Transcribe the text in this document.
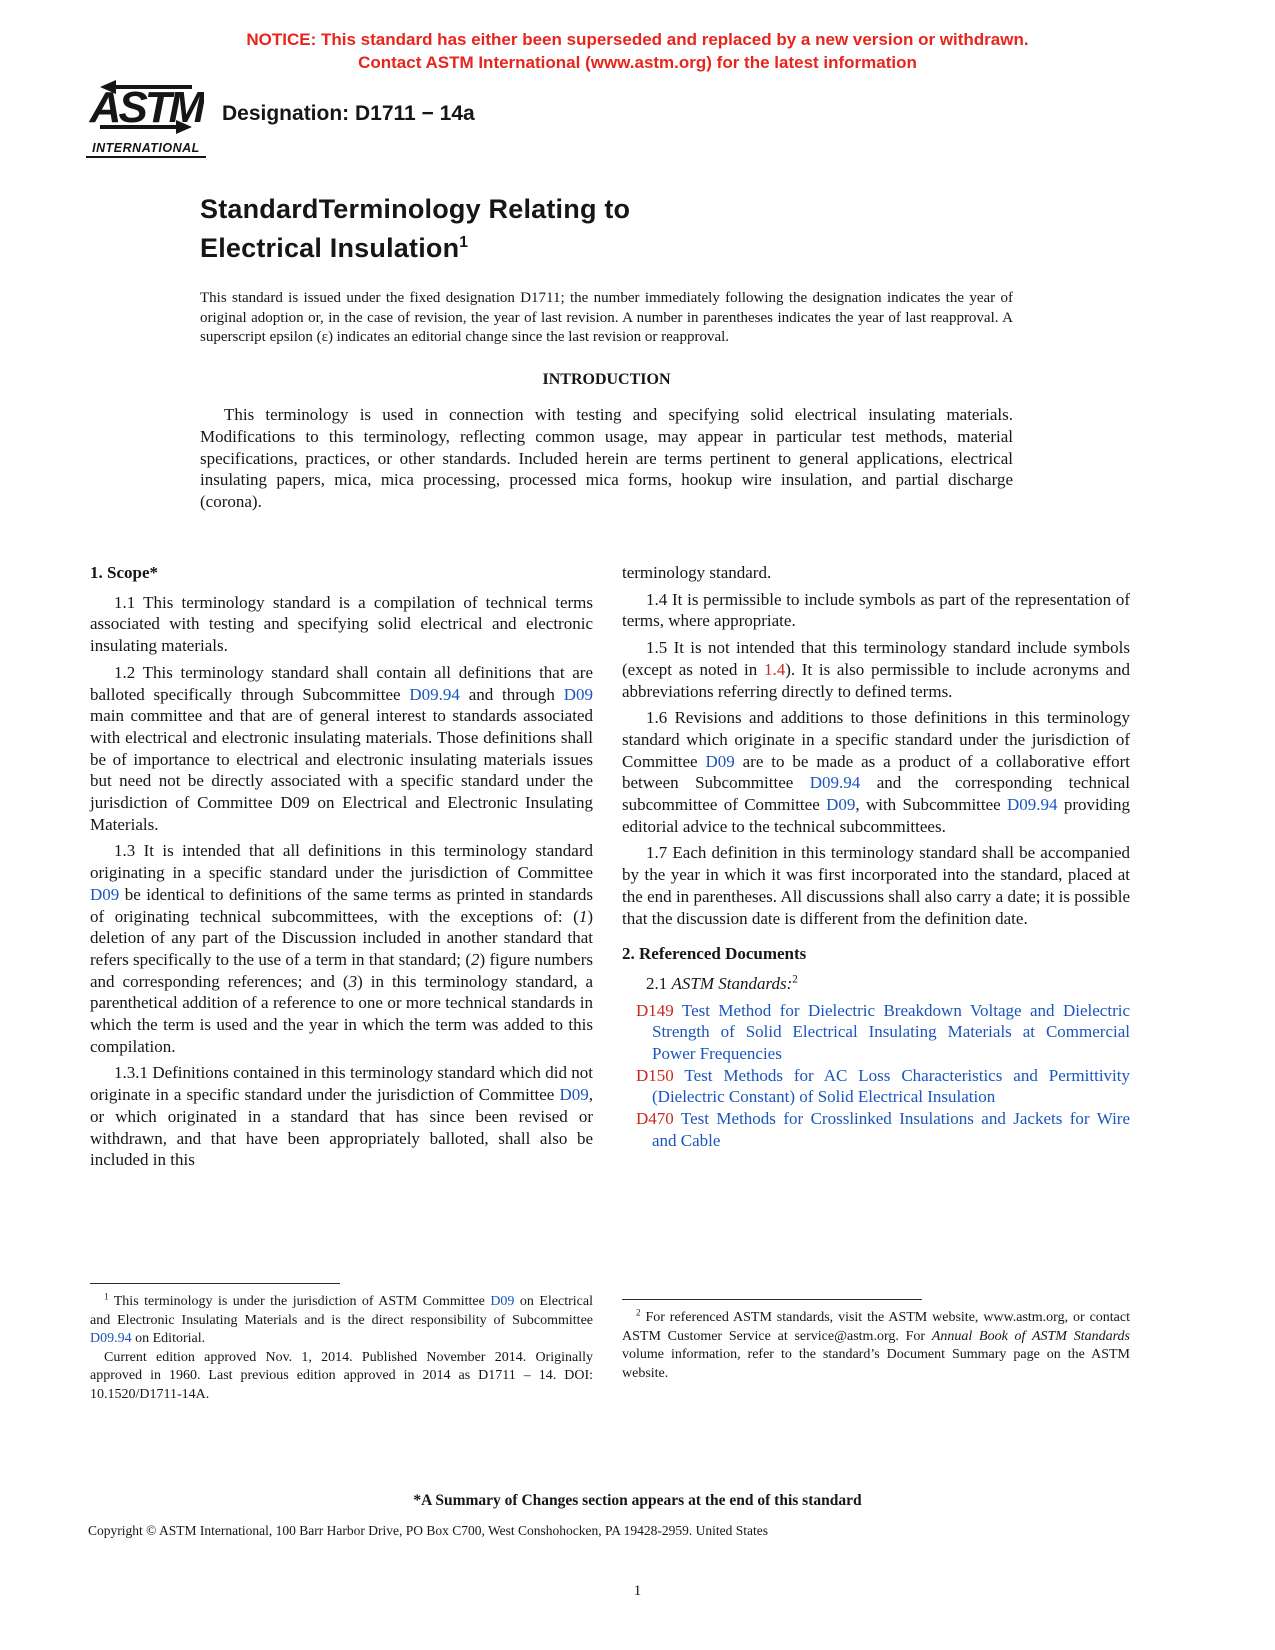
NOTICE: This standard has either been superseded and replaced by a new version or withdrawn.
Contact ASTM International (www.astm.org) for the latest information
ASTM
INTERNATIONAL
Designation: D1711 − 14a
StandardTerminology Relating to
Electrical Insulation$^1$
This standard is issued under the fixed designation D1711; the number immediately following the designation indicates the year of original adoption or, in the case of revision, the year of last revision. A number in parentheses indicates the year of last reapproval. A superscript epsilon (ε) indicates an editorial change since the last revision or reapproval.
INTRODUCTION
This terminology is used in connection with testing and specifying solid electrical insulating materials. Modifications to this terminology, reflecting common usage, may appear in particular test methods, material specifications, practices, or other standards. Included herein are terms pertinent to general applications, electrical insulating papers, mica, mica processing, processed mica forms, hookup wire insulation, and partial discharge (corona).
1. Scope*

1.1 This terminology standard is a compilation of technical terms associated with testing and specifying solid electrical and electronic insulating materials.

1.2 This terminology standard shall contain all definitions that are balloted specifically through Subcommittee D09.94 and through D09 main committee and that are of general interest to standards associated with electrical and electronic insulating materials. Those definitions shall be of importance to electrical and electronic insulating materials issues but need not be directly associated with a specific standard under the jurisdiction of Committee D09 on Electrical and Electronic Insulating Materials.

1.3 It is intended that all definitions in this terminology standard originating in a specific standard under the jurisdiction of Committee D09 be identical to definitions of the same terms as printed in standards of originating technical subcommittees, with the exceptions of: (1) deletion of any part of the Discussion included in another standard that refers specifically to the use of a term in that standard; (2) figure numbers and corresponding references; and (3) in this terminology standard, a parenthetical addition of a reference to one or more technical standards in which the term is used and the year in which the term was added to this compilation.

1.3.1 Definitions contained in this terminology standard which did not originate in a specific standard under the jurisdiction of Committee D09, or which originated in a standard that has since been revised or withdrawn, and that have been appropriately balloted, shall also be included in this

terminology standard.

1.4 It is permissible to include symbols as part of the representation of terms, where appropriate.

1.5 It is not intended that this terminology standard include symbols (except as noted in 1.4). It is also permissible to include acronyms and abbreviations referring directly to defined terms.

1.6 Revisions and additions to those definitions in this terminology standard which originate in a specific standard under the jurisdiction of Committee D09 are to be made as a product of a collaborative effort between Subcommittee D09.94 and the corresponding technical subcommittee of Committee D09, with Subcommittee D09.94 providing editorial advice to the technical subcommittees.

1.7 Each definition in this terminology standard shall be accompanied by the year in which it was first incorporated into the standard, placed at the end in parentheses. All discussions shall also carry a date; it is possible that the discussion date is different from the definition date.

2. Referenced Documents

2.1 ASTM Standards:$^2$

D149 Test Method for Dielectric Breakdown Voltage and Dielectric Strength of Solid Electrical Insulating Materials at Commercial Power Frequencies

D150 Test Methods for AC Loss Characteristics and Permittivity (Dielectric Constant) of Solid Electrical Insulation

D470 Test Methods for Crosslinked Insulations and Jackets for Wire and Cable

$^1$ This terminology is under the jurisdiction of ASTM Committee D09 on Electrical and Electronic Insulating Materials and is the direct responsibility of Subcommittee D09.94 on Editorial.

Current edition approved Nov. 1, 2014. Published November 2014. Originally approved in 1960. Last previous edition approved in 2014 as D1711 – 14. DOI: 10.1520/D1711-14A.

$^2$ For referenced ASTM standards, visit the ASTM website, www.astm.org, or contact ASTM Customer Service at service@astm.org. For Annual Book of ASTM Standards volume information, refer to the standard’s Document Summary page on the ASTM website.

*A Summary of Changes section appears at the end of this standard
Copyright © ASTM International, 100 Barr Harbor Drive, PO Box C700, West Conshohocken, PA 19428-2959. United States
1
